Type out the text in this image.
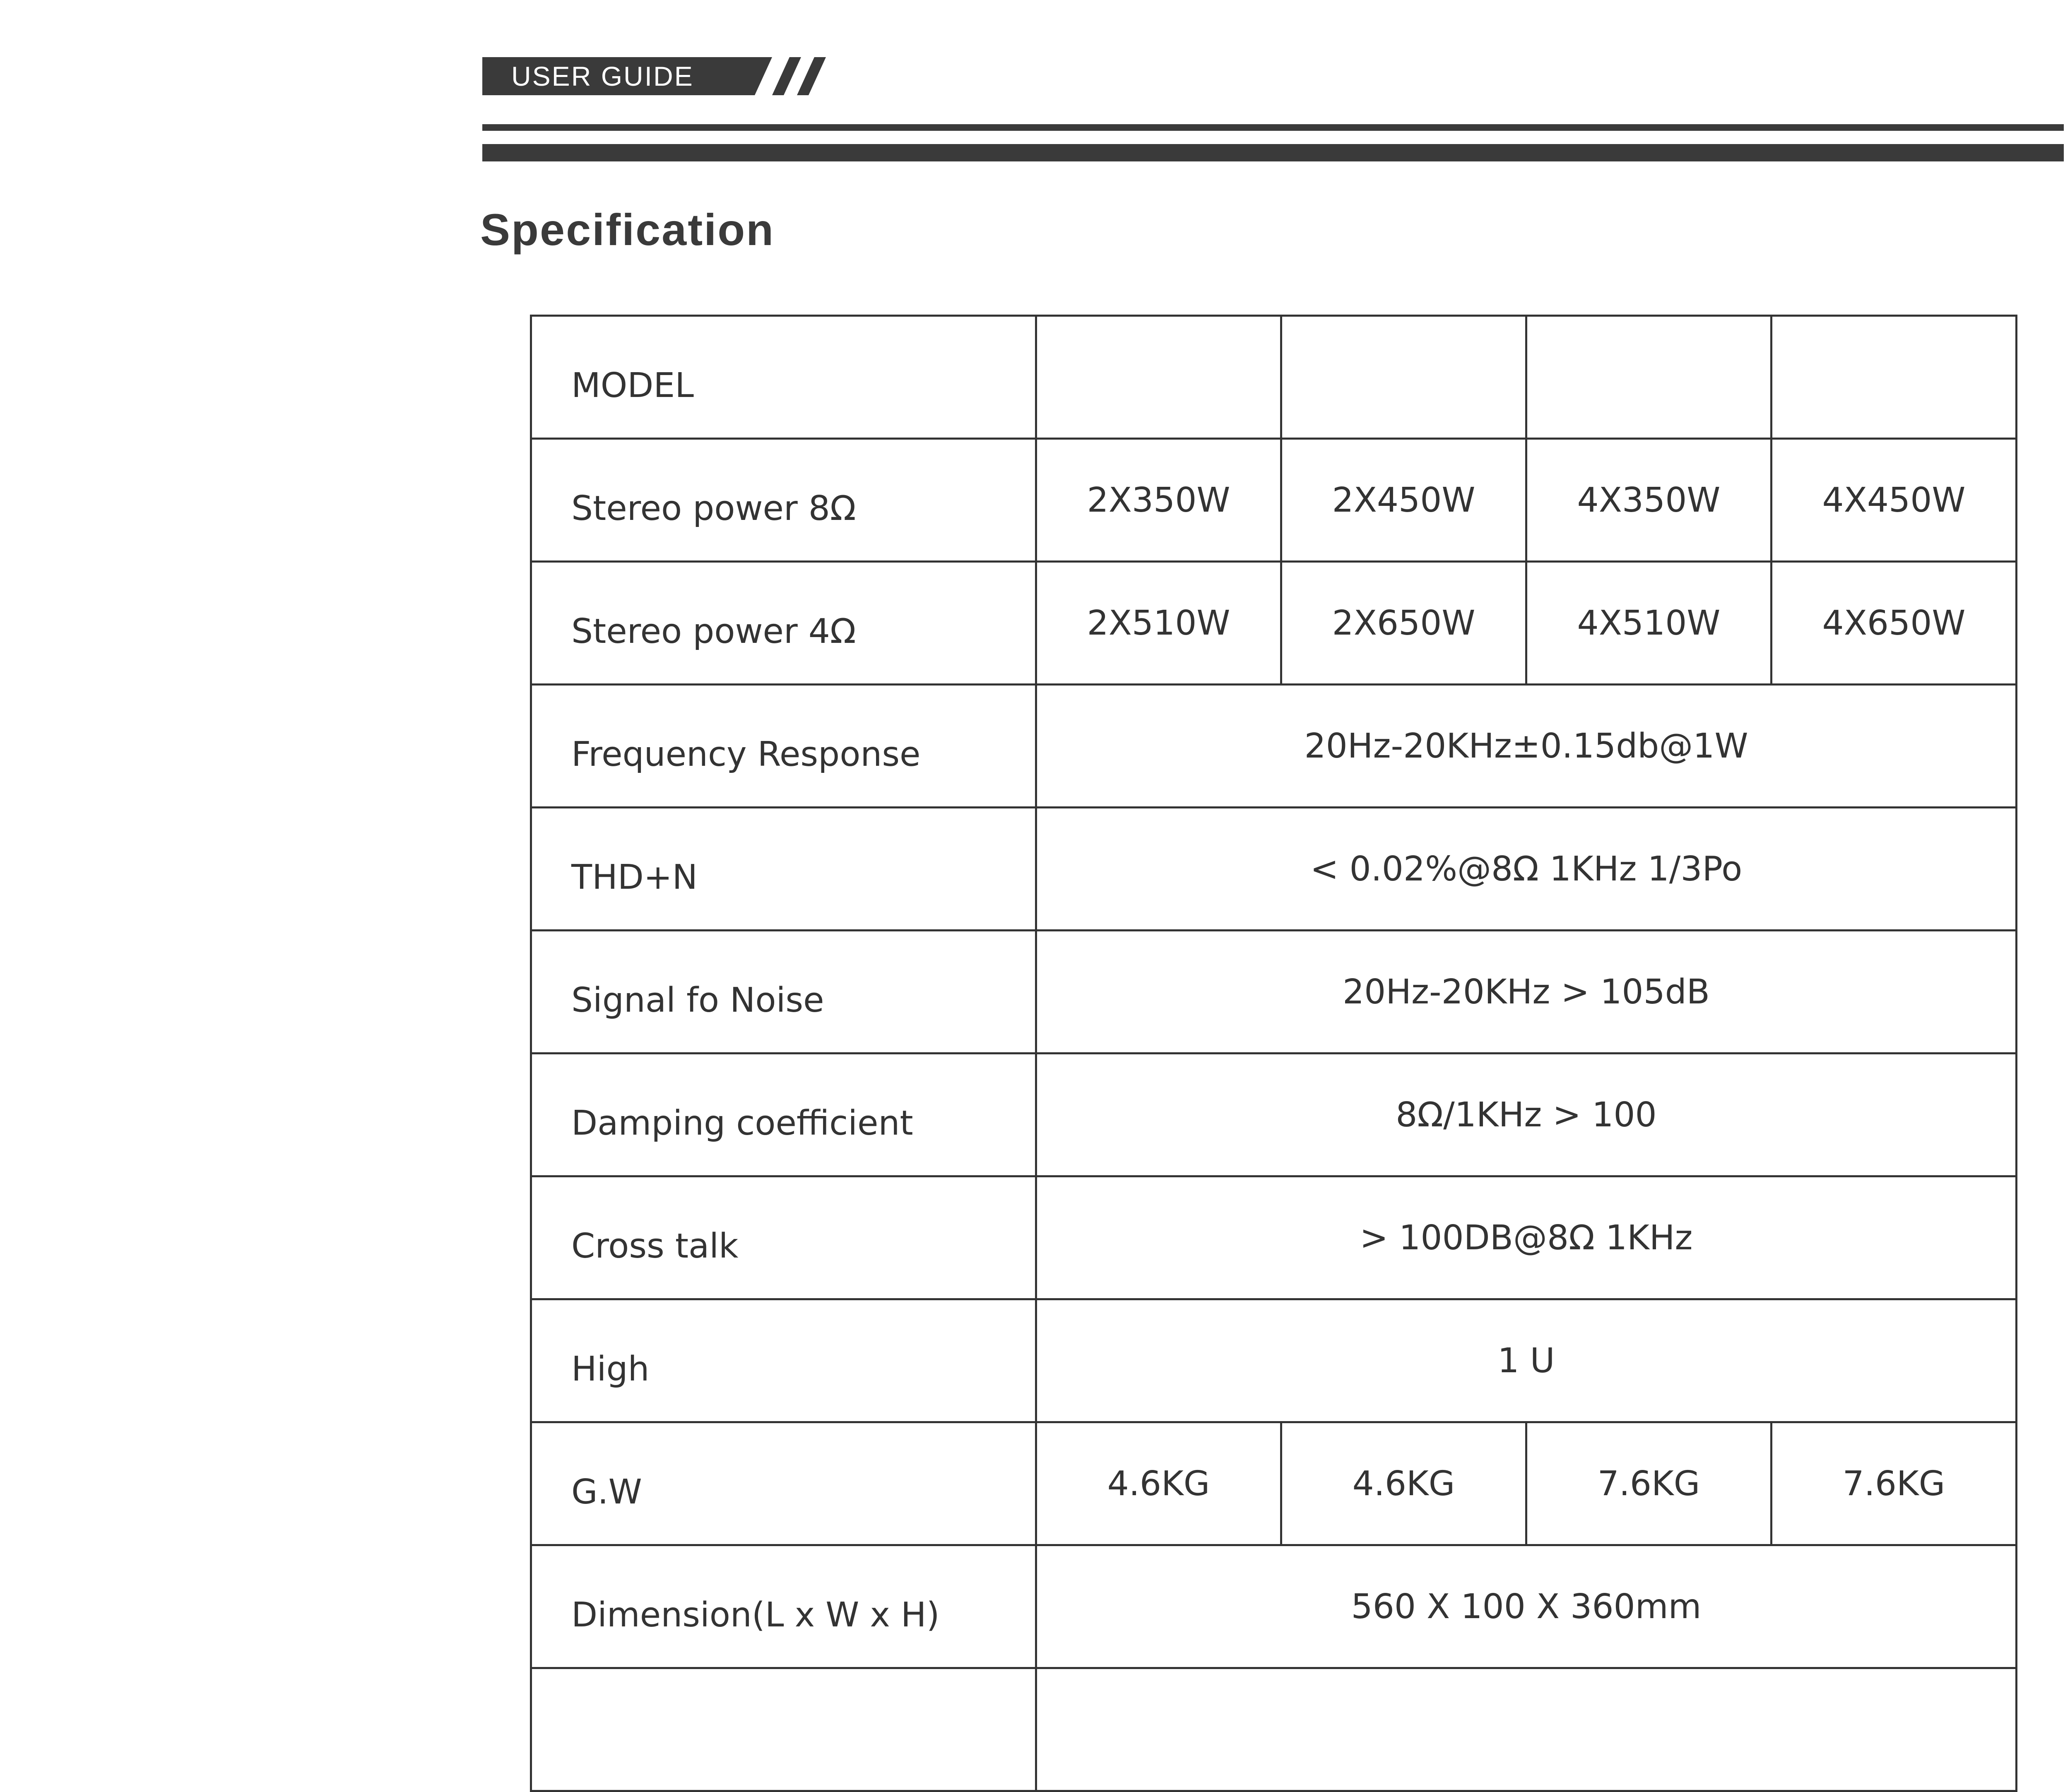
USER GUIDE
Specification
MODEL				
Stereo power 8Ω	2X350W	2X450W	4X350W	4X450W
Stereo power 4Ω	2X510W	2X650W	4X510W	4X650W
Frequency Response	20Hz-20KHz±0.15db@1W			
THD+N	< 0.02%@8Ω 1KHz 1/3Po			
Signal fo Noise	20Hz-20KHz > 105dB			
Damping coefficient	8Ω/1KHz > 100			
Cross talk	> 100DB@8Ω 1KHz			
High	1 U			
G.W	4.6KG	4.6KG	7.6KG	7.6KG
Dimension(L x W x H)	560 X 100 X 360mm			
